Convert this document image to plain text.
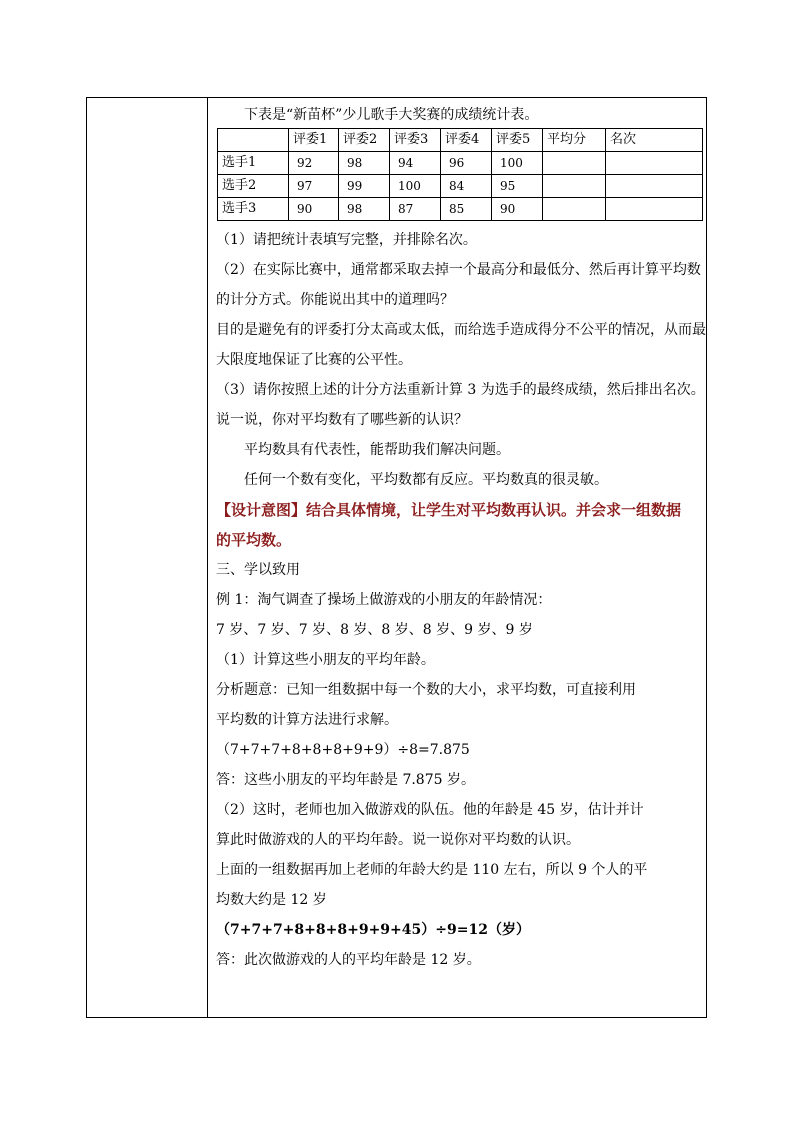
下表是“新苗杯”少儿歌手大奖赛的成绩统计表。
	评委1	评委2	评委3	评委4	评委5	平均分	名次
选手1	92	98	94	96	100		
选手2	97	99	100	84	95		
选手3	90	98	87	85	90		
（1）请把统计表填写完整，并排除名次。
（2）在实际比赛中，通常都采取去掉一个最高分和最低分、然后再计算平均数
的计分方式。你能说出其中的道理吗？
目的是避免有的评委打分太高或太低，而给选手造成得分不公平的情况，从而最
大限度地保证了比赛的公平性。
（3）请你按照上述的计分方法重新计算 3 为选手的最终成绩，然后排出名次。
说一说，你对平均数有了哪些新的认识？
平均数具有代表性，能帮助我们解决问题。
任何一个数有变化，平均数都有反应。平均数真的很灵敏。
【设计意图】结合具体情境，让学生对平均数再认识。并会求一组数据
的平均数。
三、学以致用
例 1：淘气调查了操场上做游戏的小朋友的年龄情况：
7 岁、7 岁、7 岁、8 岁、8 岁、8 岁、9 岁、9 岁
（1）计算这些小朋友的平均年龄。
分析题意：已知一组数据中每一个数的大小，求平均数，可直接利用
平均数的计算方法进行求解。
（7+7+7+8+8+8+9+9）÷8=7.875
答：这些小朋友的平均年龄是 7.875 岁。
（2）这时，老师也加入做游戏的队伍。他的年龄是 45 岁，估计并计
算此时做游戏的人的平均年龄。说一说你对平均数的认识。
上面的一组数据再加上老师的年龄大约是 110 左右，所以 9 个人的平
均数大约是 12 岁
（7+7+7+8+8+8+9+9+45）÷9=12（岁）
答：此次做游戏的人的平均年龄是 12 岁。
